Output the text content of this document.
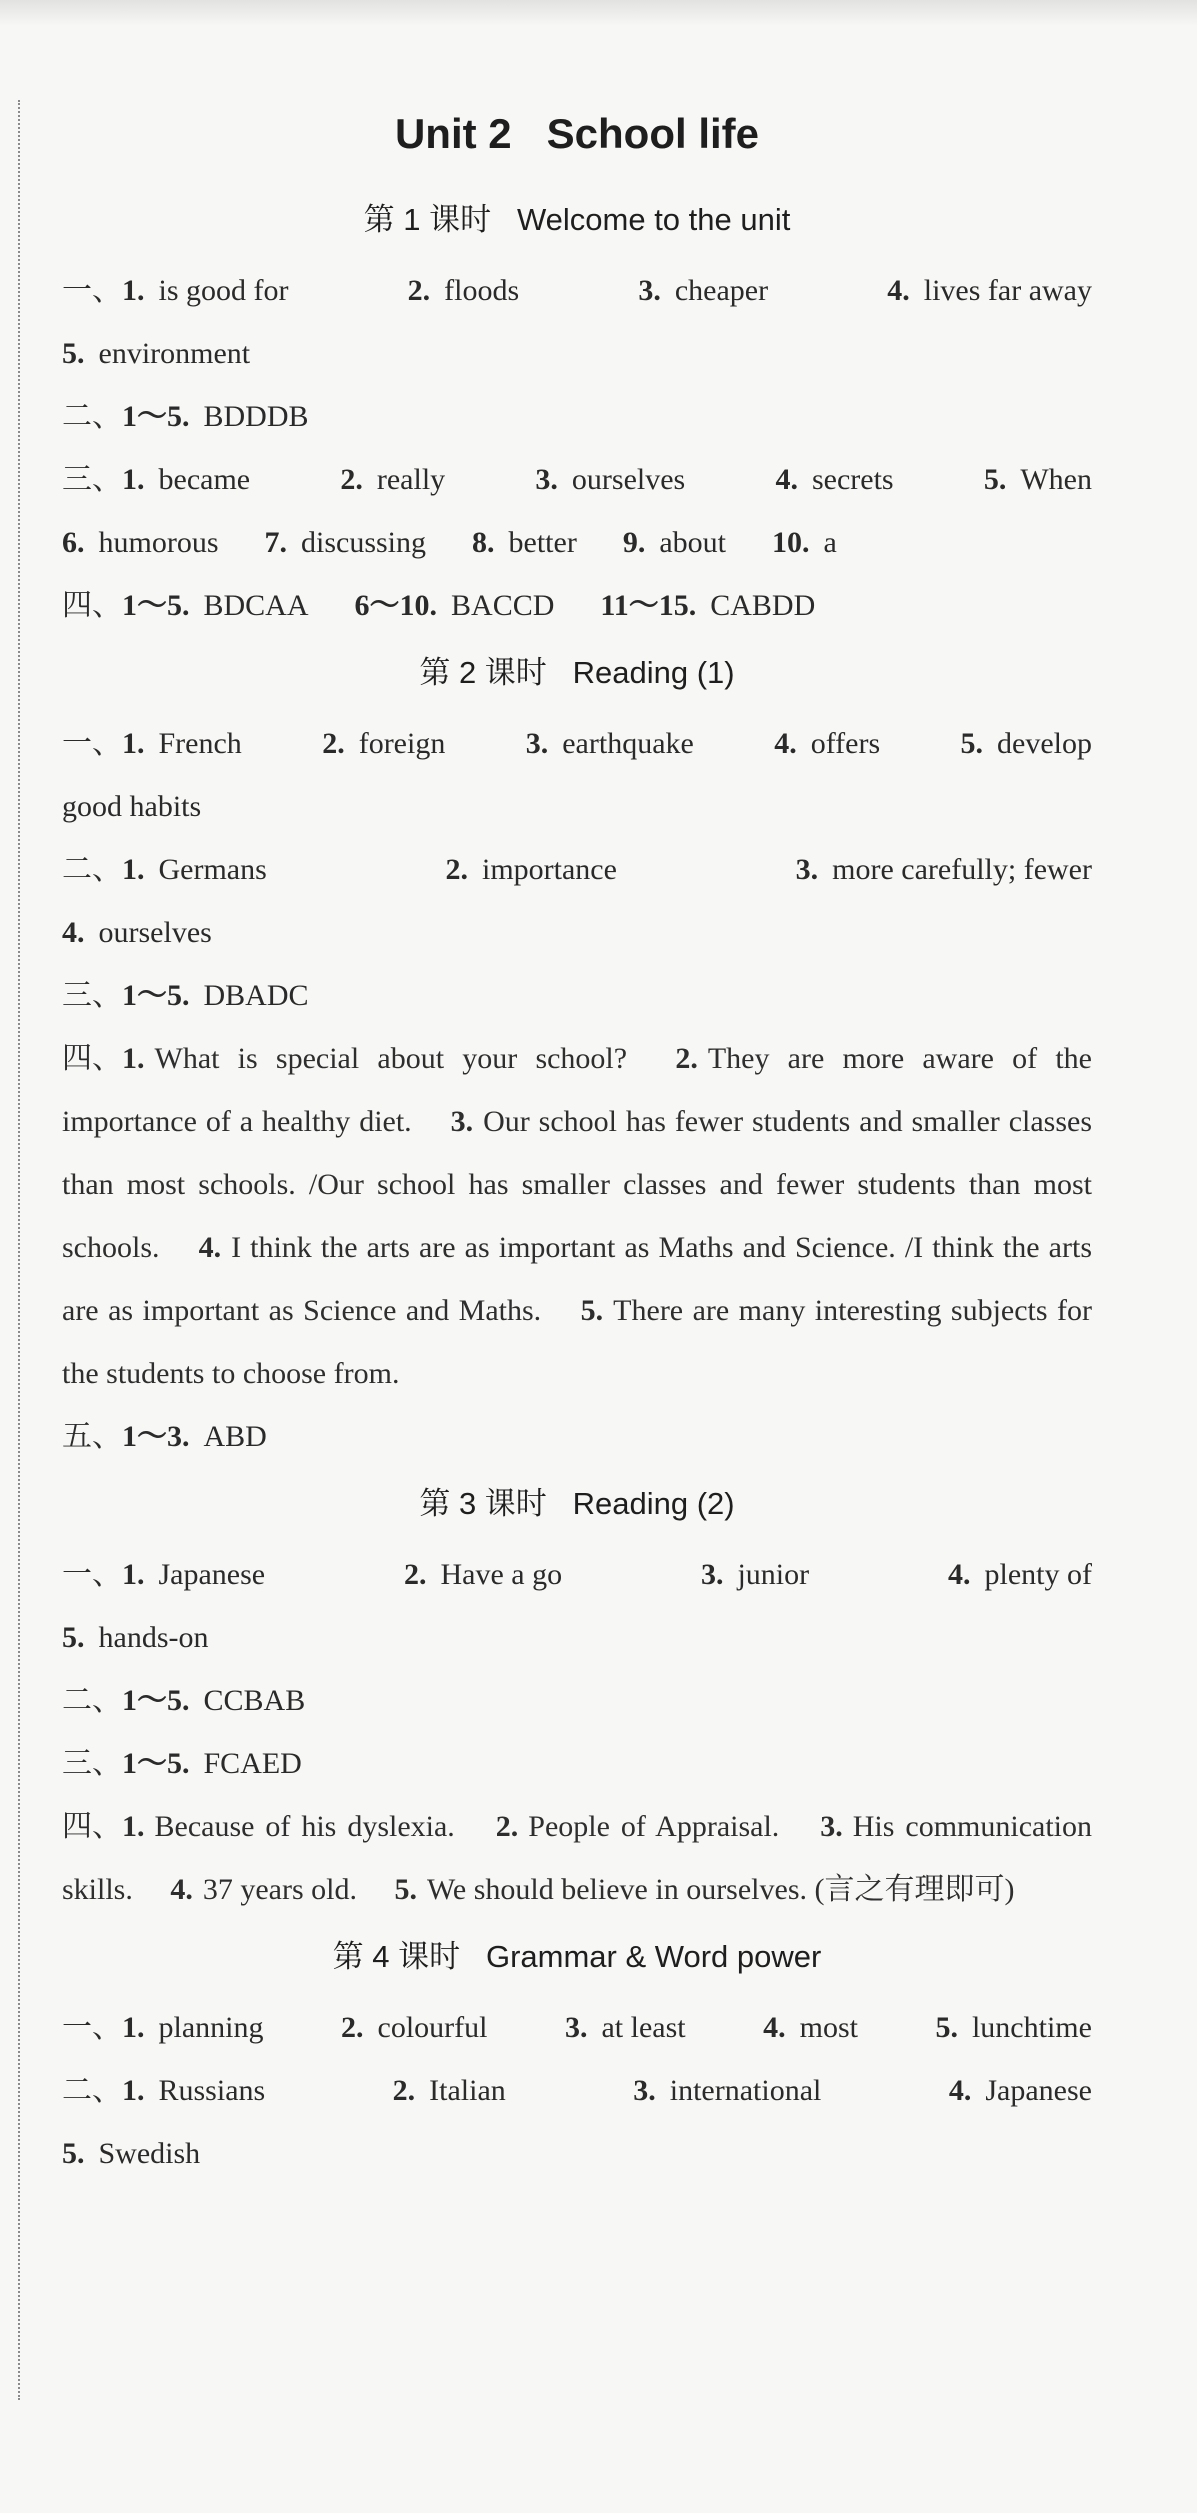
Unit 2   School life
第 1 课时   Welcome to the unit
一、 1. is good for	2. floods	3. cheaper	4. lives far away
5. environment
二、 1～5. BDDDB
三、 1. became	2. really	3. ourselves	4. secrets	5. When
6. humorous 7. discussing 8. better 9. about 10. a
四、 1～5. BDCAA 6～10. BACCD 11～15. CABDD
第 2 课时   Reading (1)
一、 1. French	2. foreign	3. earthquake	4. offers	5. develop
good habits
二、 1. Germans	2. importance	3. more carefully; fewer
4. ourselves
三、 1～5. DBADC
四、 1. What is special about your school?  2. They are more aware of the importance of a healthy diet.  3. Our school has fewer students and smaller classes than most schools. /Our school has smaller classes and fewer students than most schools.  4. I think the arts are as important as Maths and Science. /I think the arts are as important as Science and Maths.  5. There are many interesting subjects for the students to choose from. 
五、 1～3. ABD
第 3 课时   Reading (2)
一、 1. Japanese	2. Have a go	3. junior	4. plenty of
5. hands-on
二、 1～5. CCBAB
三、 1～5. FCAED
四、 1. Because of his dyslexia.  2. People of Appraisal.  3. His communication skills.  4. 37 years old.  5. We should believe in ourselves. (言之有理即可) 
第 4 课时   Grammar & Word power
一、 1. planning	2. colourful	3. at least	4. most	5. lunchtime
二、 1. Russians	2. Italian	3. international	4. Japanese
5. Swedish
